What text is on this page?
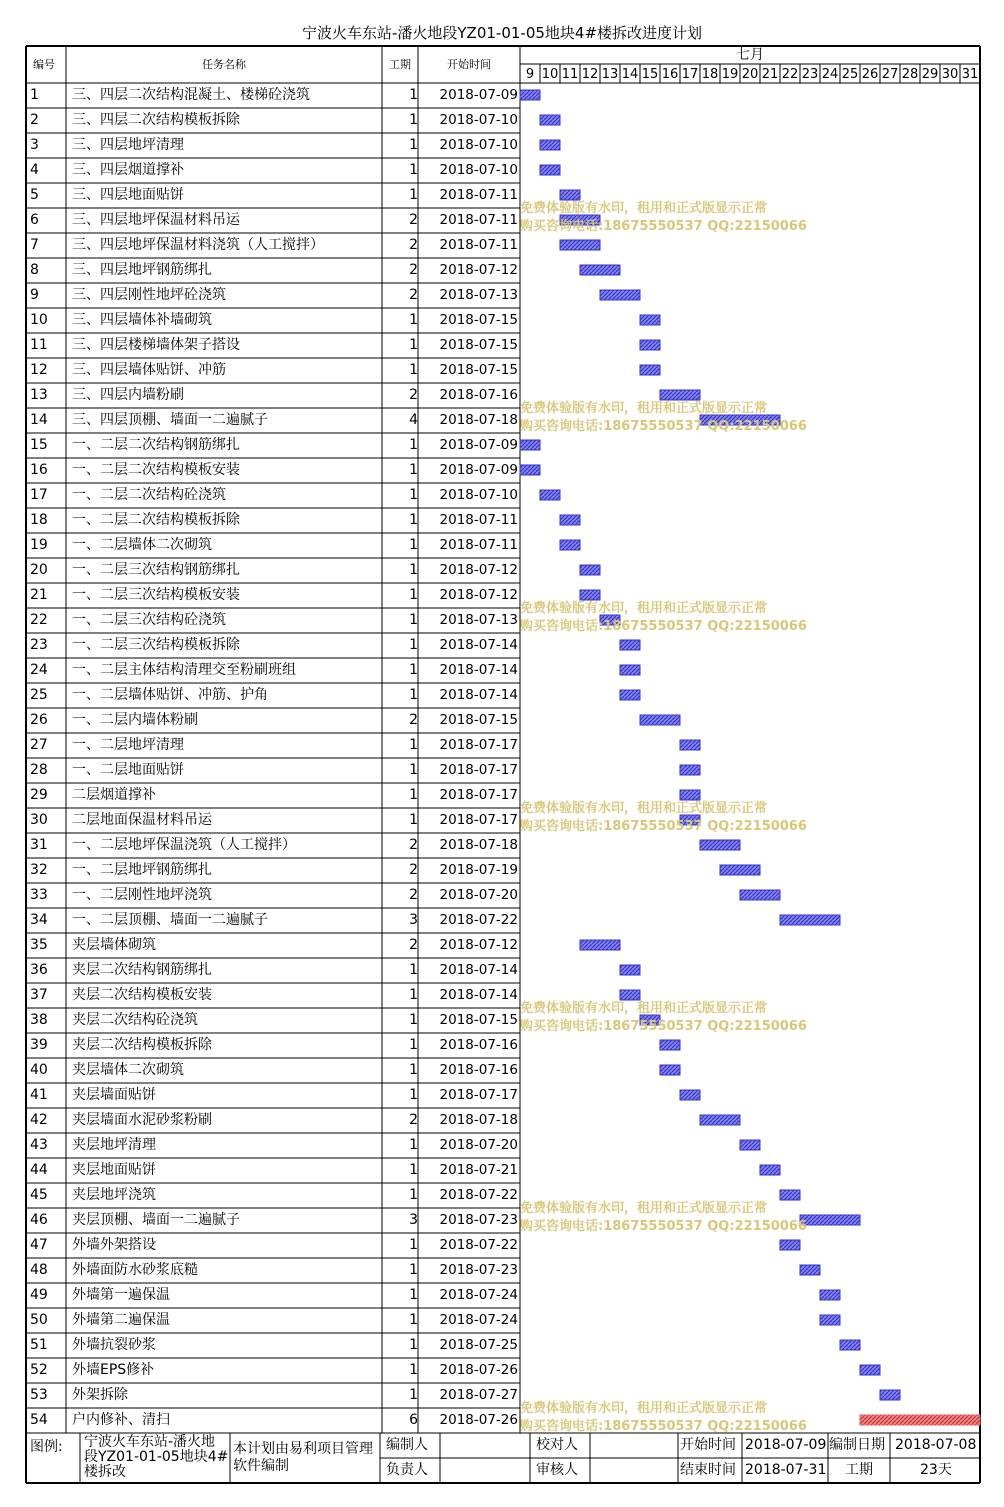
宁波火车东站-潘火地段YZ01-01-05地块4#楼拆改进度计划
编号	任务名称	工期	开始时间
七月
9 10 11 12 13 14 15 16 17 18 19 20 21 22 23 24 25 26 27 28 29 30 31
1	三、四层二次结构混凝土、楼梯砼浇筑	1	2018-07-09
2	三、四层二次结构模板拆除	1	2018-07-10
3	三、四层地坪清理	1	2018-07-10
4	三、四层烟道撑补	1	2018-07-10
5	三、四层地面贴饼	1	2018-07-11
6	三、四层地坪保温材料吊运	2	2018-07-11
7	三、四层地坪保温材料浇筑（人工搅拌）	2	2018-07-11
8	三、四层地坪钢筋绑扎	2	2018-07-12
9	三、四层刚性地坪砼浇筑	2	2018-07-13
10	三、四层墙体补墙砌筑	1	2018-07-15
11	三、四层楼梯墙体架子搭设	1	2018-07-15
12	三、四层墙体贴饼、冲筋	1	2018-07-15
13	三、四层内墙粉刷	2	2018-07-16
14	三、四层顶棚、墙面一二遍腻子	4	2018-07-18
15	一、二层二次结构钢筋绑扎	1	2018-07-09
16	一、二层二次结构模板安装	1	2018-07-09
17	一、二层二次结构砼浇筑	1	2018-07-10
18	一、二层二次结构模板拆除	1	2018-07-11
19	一、二层墙体二次砌筑	1	2018-07-11
20	一、二层三次结构钢筋绑扎	1	2018-07-12
21	一、二层三次结构模板安装	1	2018-07-12
22	一、二层三次结构砼浇筑	1	2018-07-13
23	一、二层三次结构模板拆除	1	2018-07-14
24	一、二层主体结构清理交至粉刷班组	1	2018-07-14
25	一、二层墙体贴饼、冲筋、护角	1	2018-07-14
26	一、二层内墙体粉刷	2	2018-07-15
27	一、二层地坪清理	1	2018-07-17
28	一、二层地面贴饼	1	2018-07-17
29	二层烟道撑补	1	2018-07-17
30	二层地面保温材料吊运	1	2018-07-17
31	一、二层地坪保温浇筑（人工搅拌）	2	2018-07-18
32	一、二层地坪钢筋绑扎	2	2018-07-19
33	一、二层刚性地坪浇筑	2	2018-07-20
34	一、二层顶棚、墙面一二遍腻子	3	2018-07-22
35	夹层墙体砌筑	2	2018-07-12
36	夹层二次结构钢筋绑扎	1	2018-07-14
37	夹层二次结构模板安装	1	2018-07-14
38	夹层二次结构砼浇筑	1	2018-07-15
39	夹层二次结构模板拆除	1	2018-07-16
40	夹层墙体二次砌筑	1	2018-07-16
41	夹层墙面贴饼	1	2018-07-17
42	夹层墙面水泥砂浆粉刷	2	2018-07-18
43	夹层地坪清理	1	2018-07-20
44	夹层地面贴饼	1	2018-07-21
45	夹层地坪浇筑	1	2018-07-22
46	夹层顶棚、墙面一二遍腻子	3	2018-07-23
47	外墙外架搭设	1	2018-07-22
48	外墙面防水砂浆底糙	1	2018-07-23
49	外墙第一遍保温	1	2018-07-24
50	外墙第二遍保温	1	2018-07-24
51	外墙抗裂砂浆	1	2018-07-25
52	外墙EPS修补	1	2018-07-26
53	外架拆除	1	2018-07-27
54	户内修补、清扫	6	2018-07-26
免费体验版有水印，租用和正式版显示正常
购买咨询电话:18675550537 QQ:22150066
免费体验版有水印，租用和正式版显示正常
购买咨询电话:18675550537 QQ:22150066
免费体验版有水印，租用和正式版显示正常
购买咨询电话:18675550537 QQ:22150066
免费体验版有水印，租用和正式版显示正常
购买咨询电话:18675550537 QQ:22150066
免费体验版有水印，租用和正式版显示正常
购买咨询电话:18675550537 QQ:22150066
免费体验版有水印，租用和正式版显示正常
购买咨询电话:18675550537 QQ:22150066
免费体验版有水印，租用和正式版显示正常
购买咨询电话:18675550537 QQ:22150066
图例: 宁波火车东站-潘火地段YZ01-01-05地块4#楼拆改
本计划由易利项目管理软件编制
编制人	校对人	开始时间 2018-07-09 编制日期 2018-07-08
负责人	审核人	结束时间 2018-07-31 工期	23天
